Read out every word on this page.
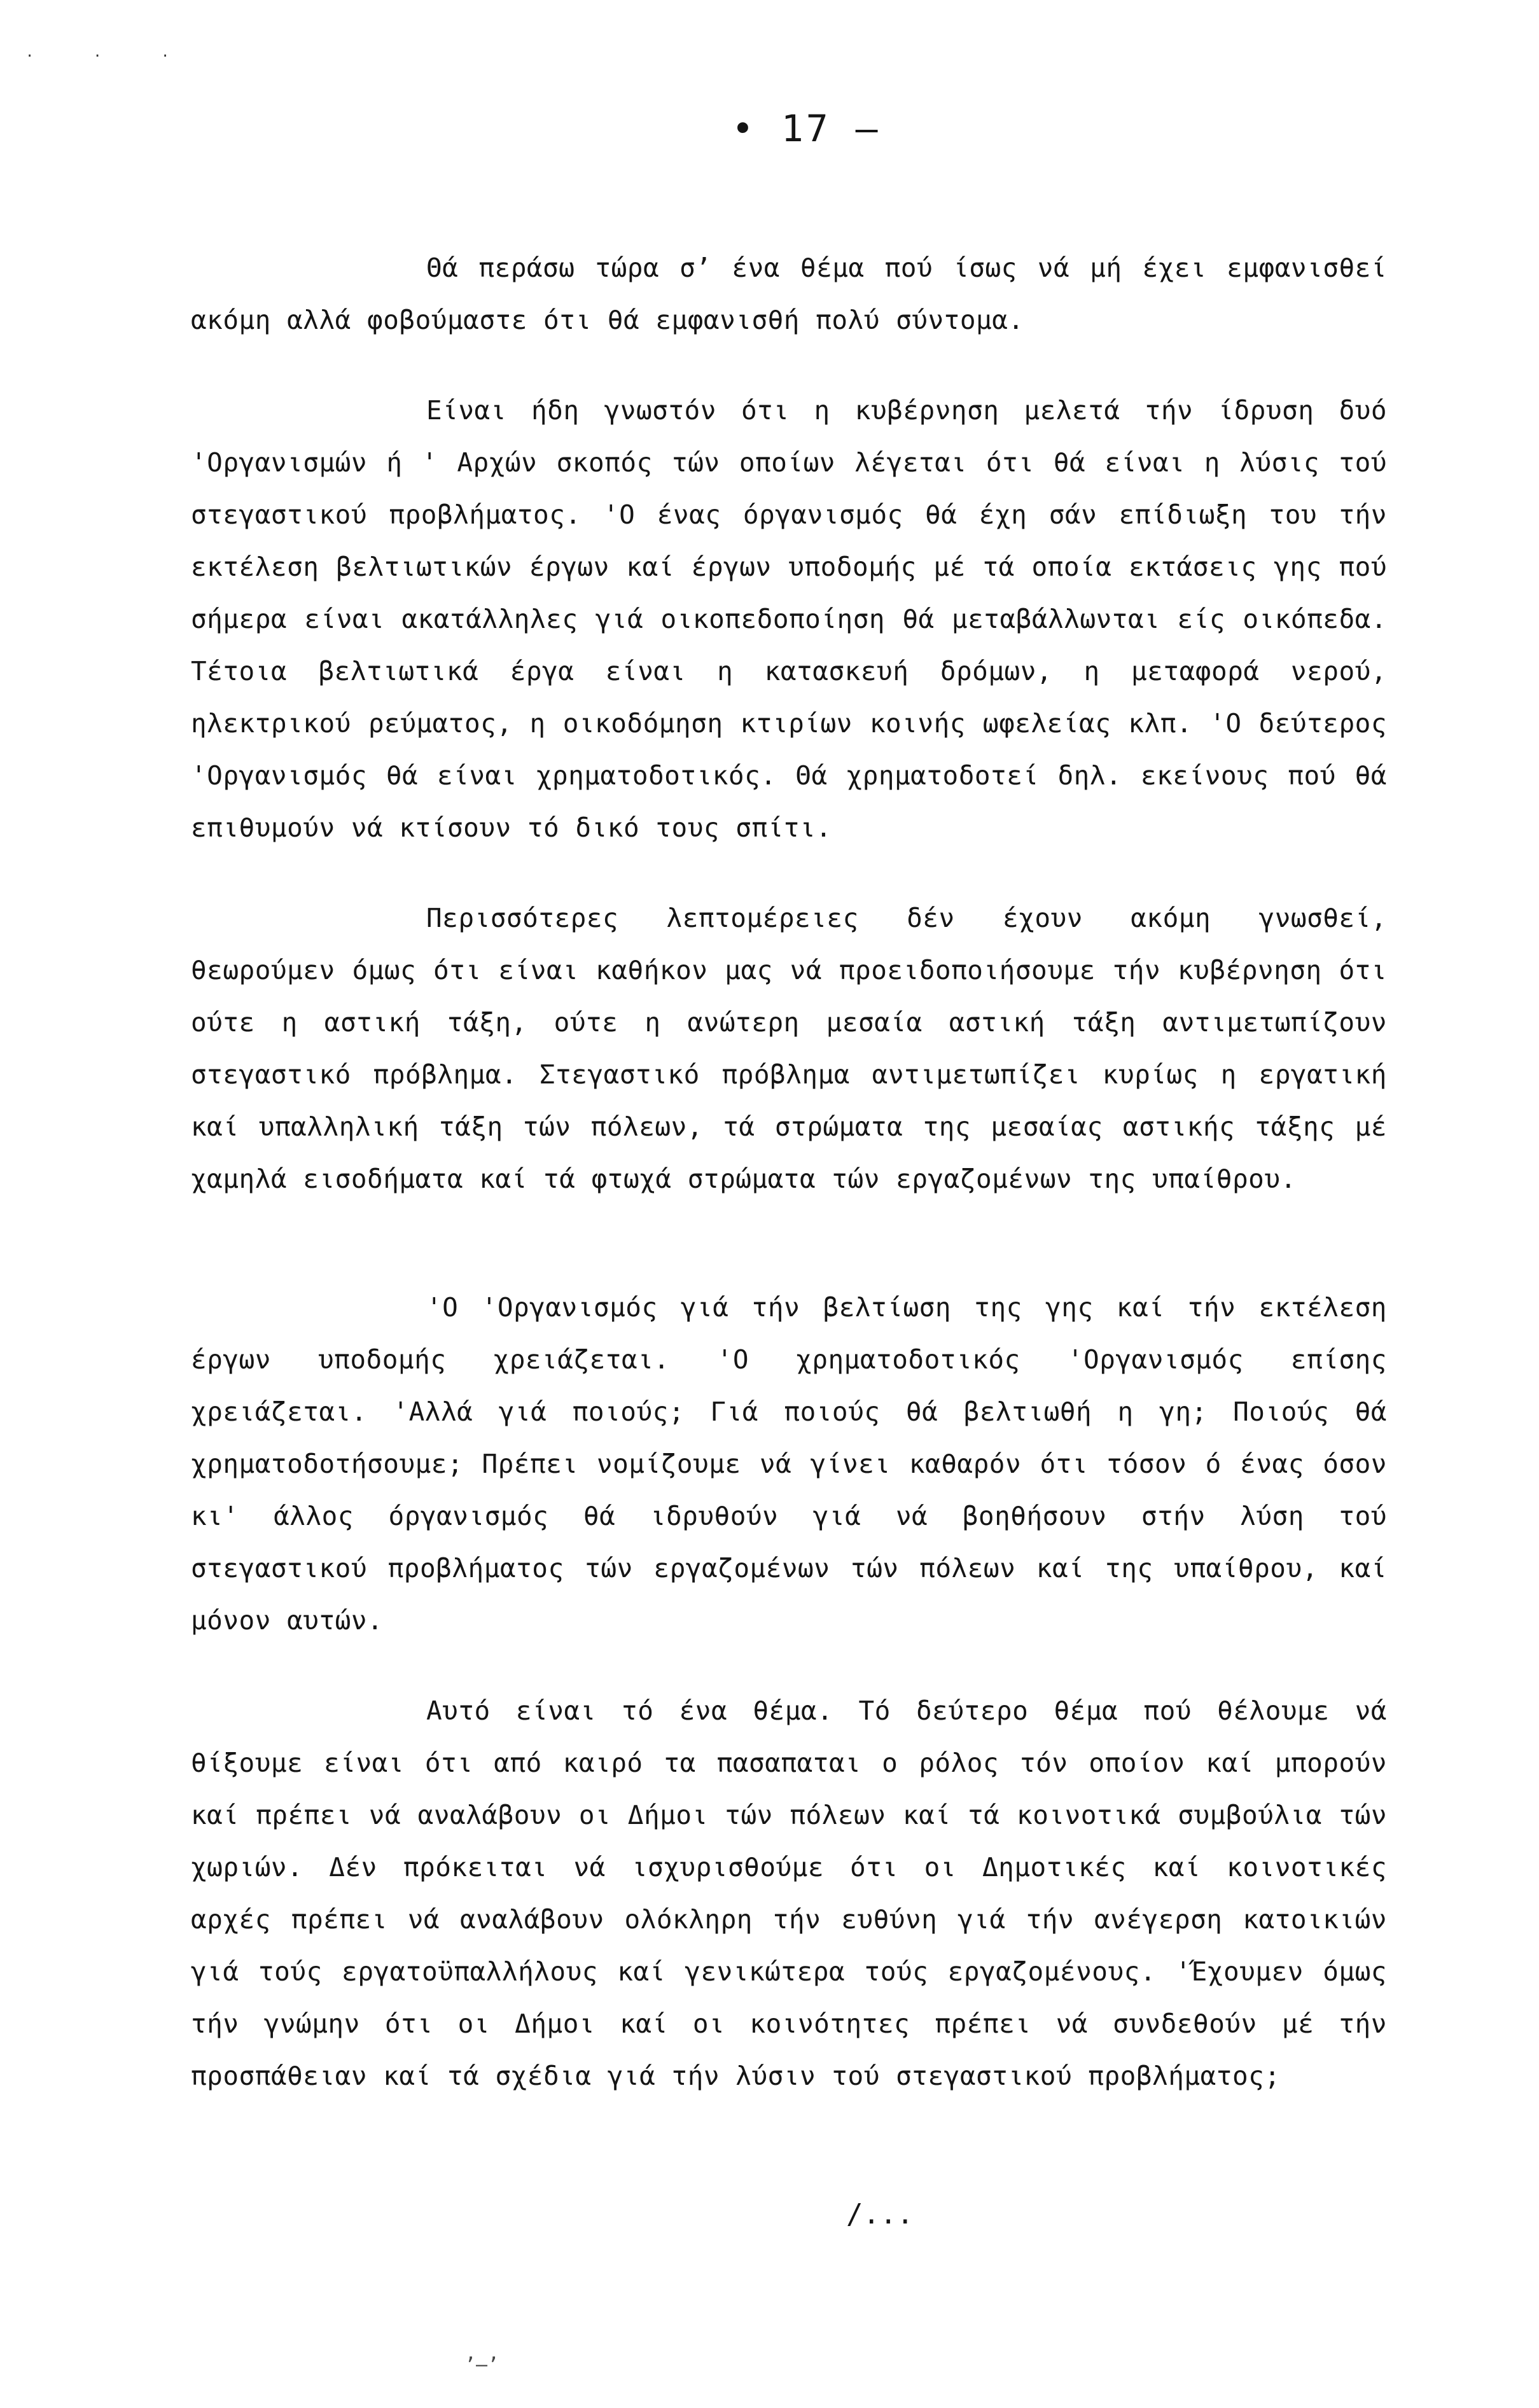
. . .
• 17 –

Θά περάσω τώρα σ’ ένα θέμα πού ίσως νά μή έχει εμφανισθεί ακόμη αλλά φοβούμαστε ότι θά εμφανισθή πολύ σύντομα.

Είναι ήδη γνωστόν ότι η κυβέρνηση μελετά τήν ίδρυση δυό 'Οργανισμών ή ' Αρχών σκοπός τών οποίων λέγεται ότι θά είναι η λύσις τού στεγαστικού προβλήματος. 'Ο ένας όργανισμός θά έχη σάν επίδιωξη του τήν εκτέλεση βελτιωτικών έργων καί έργων υποδομής μέ τά οποία εκτάσεις γης πού σήμερα είναι ακατάλληλες γιά οικοπεδοποίηση θά μεταβάλλωνται είς οικόπεδα. Τέτοια βελτιωτικά έργα είναι η κατασκευή δρόμων, η μεταφορά νερού, ηλεκτρικού ρεύματος, η οικοδόμηση κτιρίων κοινής ωφελείας κλπ. 'Ο δεύτερος 'Οργανισμός θά είναι χρηματοδοτικός. Θά χρηματοδοτεί δηλ. εκείνους πού θά επιθυμούν νά κτίσουν τό δικό τους σπίτι.

Περισσότερες λεπτομέρειες δέν έχουν ακόμη γνωσθεί, θεωρούμεν όμως ότι είναι καθήκον μας νά προειδοποιήσουμε τήν κυβέρνηση ότι ούτε η αστική τάξη, ούτε η ανώτερη μεσαία αστική τάξη αντιμετωπίζουν στεγαστικό πρόβλημα. Στεγαστικό πρόβλημα αντιμετωπίζει κυρίως η εργατική καί υπαλληλική τάξη τών πόλεων, τά στρώματα της μεσαίας αστικής τάξης μέ χαμηλά εισοδήματα καί τά φτωχά στρώματα τών εργαζομένων της υπαίθρου.

'Ο 'Οργανισμός γιά τήν βελτίωση της γης καί τήν εκτέλεση έργων υποδομής χρειάζεται. 'Ο χρηματοδοτικός 'Οργανισμός επίσης χρειάζεται. 'Αλλά γιά ποιούς; Γιά ποιούς θά βελτιωθή η γη; Ποιούς θά χρηματοδοτήσουμε; Πρέπει νομίζουμε νά γίνει καθαρόν ότι τόσον ό ένας όσον κι' άλλος όργανισμός θά ιδρυθούν γιά νά βοηθήσουν στήν λύση τού στεγαστικού προβλήματος τών εργαζομένων τών πόλεων καί της υπαίθρου, καί μόνον αυτών.

Αυτό είναι τό ένα θέμα. Τό δεύτερο θέμα πού θέλουμε νά θίξουμε είναι ότι από καιρό τα πασαπαται ο ρόλος τόν οποίον καί μπορούν καί πρέπει νά αναλάβουν οι Δήμοι τών πόλεων καί τά κοινοτικά συμβούλια τών χωριών. Δέν πρόκειται νά ισχυρισθούμε ότι οι Δημοτικές καί κοινοτικές αρχές πρέπει νά αναλάβουν ολόκληρη τήν ευθύνη γιά τήν ανέγερση κατοικιών γιά τούς εργατοϋπαλλήλους καί γενικώτερα τούς εργαζομένους. 'Έχουμεν όμως τήν γνώμην ότι οι Δήμοι καί οι κοινότητες πρέπει νά συνδεθούν μέ τήν προσπάθειαν καί τά σχέδια γιά τήν λύσιν τού στεγαστικού προβλήματος;

/...
’—’
